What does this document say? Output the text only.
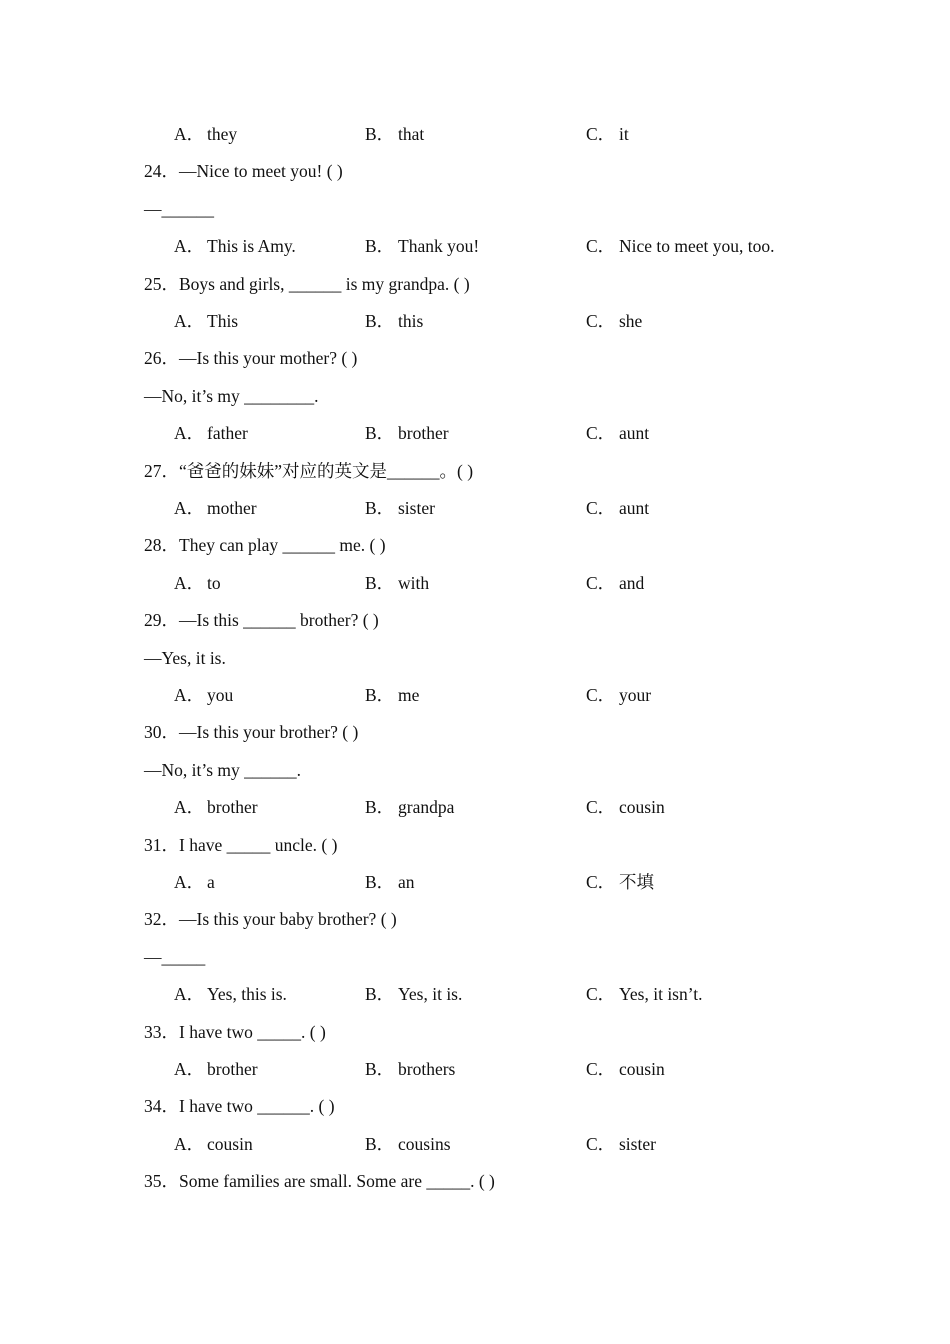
A． they	B． that	C． it
24．—Nice to meet you! ( )
—______
A． This is Amy.	B． Thank you!	C． Nice to meet you, too.
25．Boys and girls, ______ is my grandpa. ( )
A． This	B． this	C． she
26．—Is this your mother? ( )
—No, it’s my ________.
A． father	B． brother	C． aunt
27．“爸爸的妹妹”对应的英文是______。( )
A． mother	B． sister	C． aunt
28．They can play ______ me. ( )
A． to	B． with	C． and
29．—Is this ______ brother? ( )
—Yes, it is.
A． you	B． me	C． your
30．—Is this your brother? ( )
—No, it’s my ______.
A． brother	B． grandpa	C． cousin
31．I have _____ uncle. ( )
A． a	B． an	C． 不填
32．—Is this your baby brother? ( )
—_____
A． Yes, this is.	B． Yes, it is.	C． Yes, it isn’t.
33．I have two _____. ( )
A． brother	B． brothers	C． cousin
34．I have two ______. ( )
A． cousin	B． cousins	C． sister
35．Some families are small. Some are _____. ( )
